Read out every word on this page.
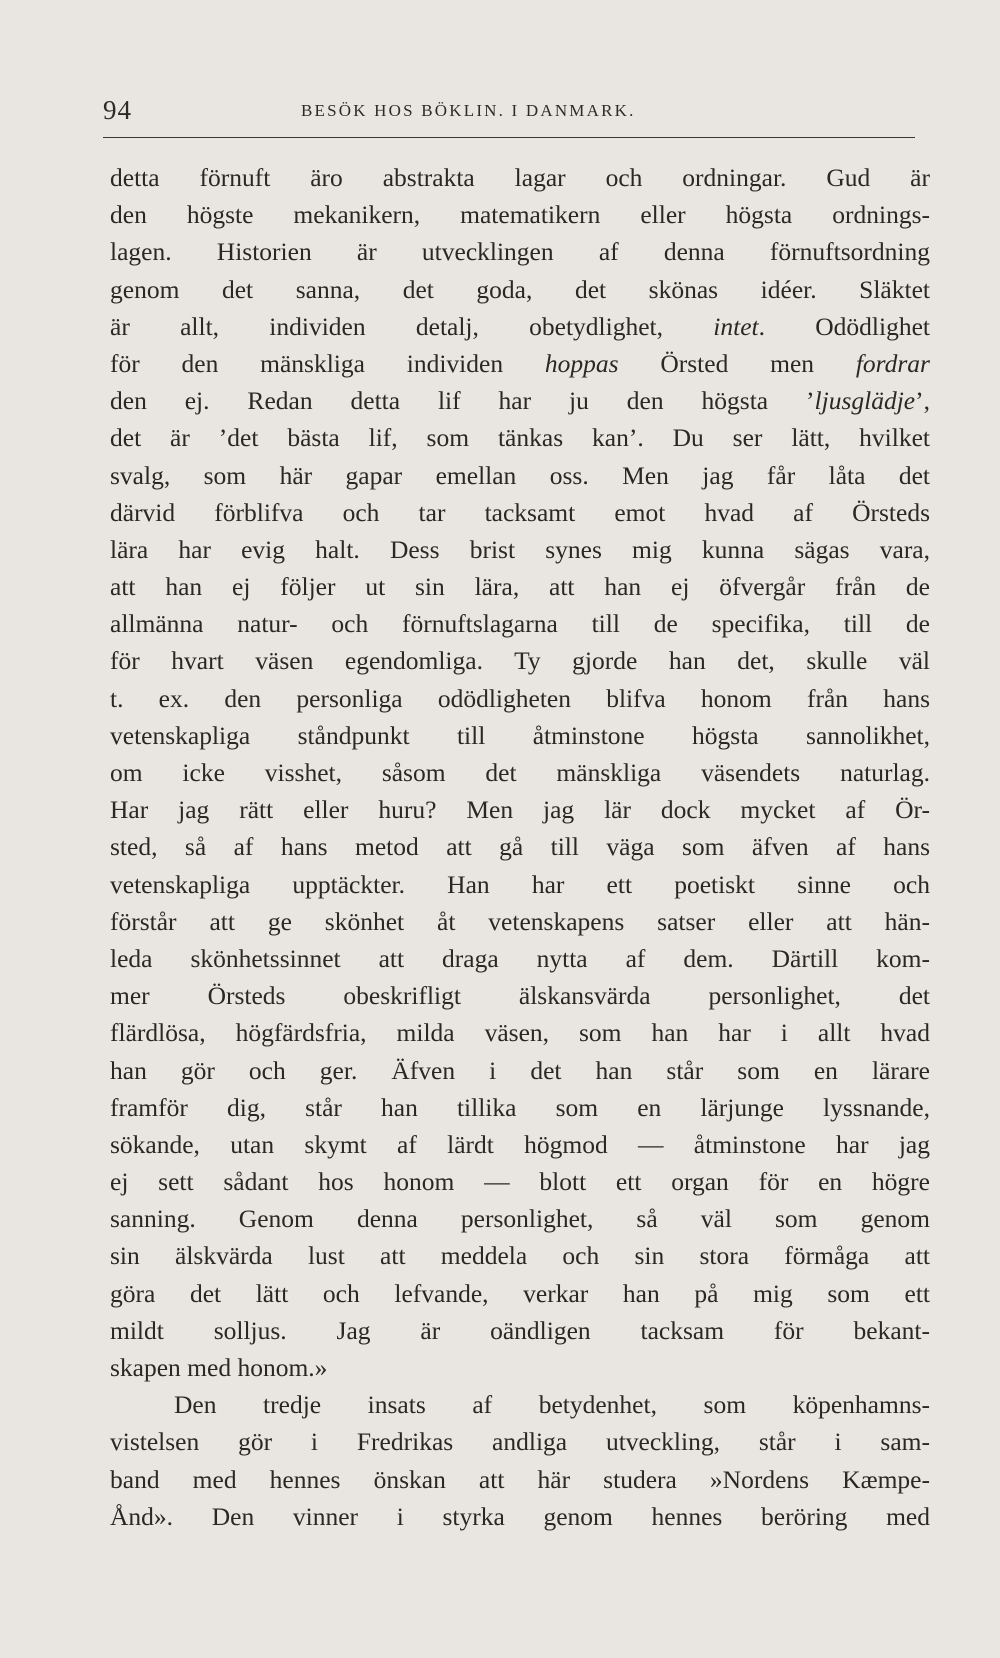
94	BESÖK HOS BÖKLIN. I DANMARK.
detta förnuft äro abstrakta lagar och ordningar. Gud är
den högste mekanikern, matematikern eller högsta ordnings-
lagen. Historien är utvecklingen af denna förnuftsordning
genom det sanna, det goda, det skönas idéer. Släktet
är allt, individen detalj, obetydlighet, intet. Odödlighet
för den mänskliga individen hoppas Örsted men fordrar
den ej. Redan detta lif har ju den högsta ’ljusglädje’,
det är ’det bästa lif, som tänkas kan’. Du ser lätt, hvilket
svalg, som här gapar emellan oss. Men jag får låta det
därvid förblifva och tar tacksamt emot hvad af Örsteds
lära har evig halt. Dess brist synes mig kunna sägas vara,
att han ej följer ut sin lära, att han ej öfvergår från de
allmänna natur- och förnuftslagarna till de specifika, till de
för hvart väsen egendomliga. Ty gjorde han det, skulle väl
t. ex. den personliga odödligheten blifva honom från hans
vetenskapliga ståndpunkt till åtminstone högsta sannolikhet,
om icke visshet, såsom det mänskliga väsendets naturlag.
Har jag rätt eller huru? Men jag lär dock mycket af Ör-
sted, så af hans metod att gå till väga som äfven af hans
vetenskapliga upptäckter. Han har ett poetiskt sinne och
förstår att ge skönhet åt vetenskapens satser eller att hän-
leda skönhetssinnet att draga nytta af dem. Därtill kom-
mer Örsteds obeskrifligt älskansvärda personlighet, det
flärdlösa, högfärdsfria, milda väsen, som han har i allt hvad
han gör och ger. Äfven i det han står som en lärare
framför dig, står han tillika som en lärjunge lyssnande,
sökande, utan skymt af lärdt högmod — åtminstone har jag
ej sett sådant hos honom — blott ett organ för en högre
sanning. Genom denna personlighet, så väl som genom
sin älskvärda lust att meddela och sin stora förmåga att
göra det lätt och lefvande, verkar han på mig som ett
mildt solljus. Jag är oändligen tacksam för bekant-
skapen med honom.»
Den tredje insats af betydenhet, som köpenhamns-
vistelsen gör i Fredrikas andliga utveckling, står i sam-
band med hennes önskan att här studera »Nordens Kæmpe-
Ånd». Den vinner i styrka genom hennes beröring med
